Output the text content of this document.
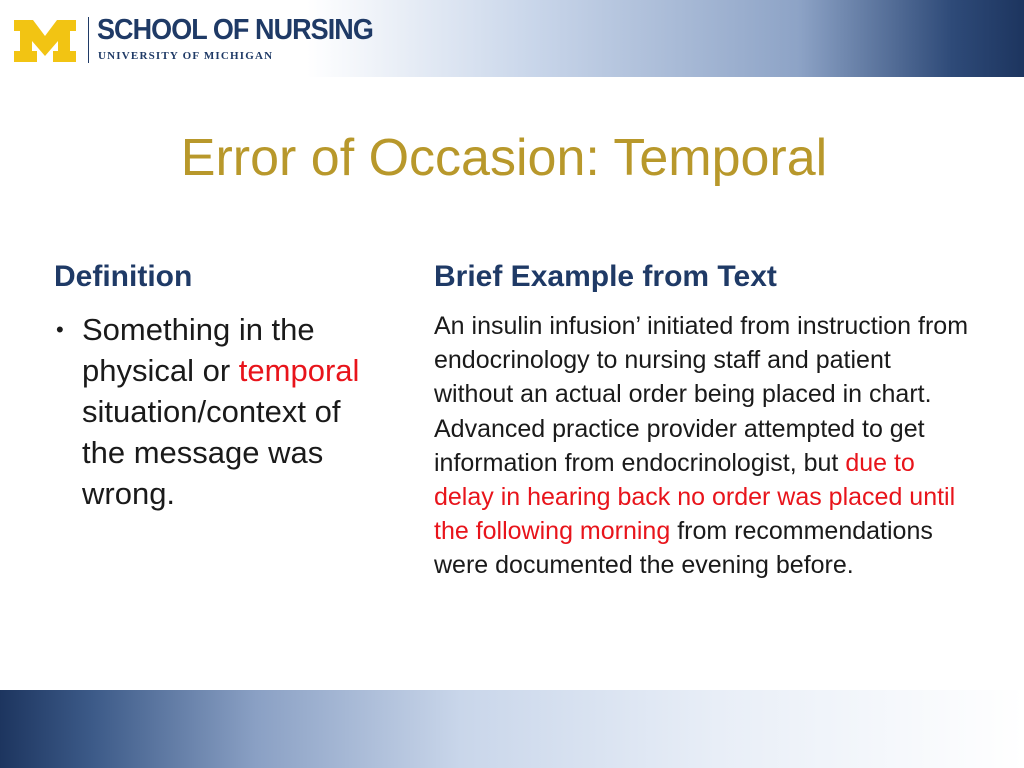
SCHOOL OF NURSING

UNIVERSITY OF MICHIGAN

Error of Occasion: Temporal
Definition
• Something in the physical or temporal situation/context of the message was wrong.
Brief Example from Text

An insulin infusion’ initiated from instruction from endocrinology to nursing staff and patient without an actual order being placed in chart. Advanced practice provider attempted to get information from endocrinologist, but due to delay in hearing back no order was placed until the following morning from recommendations were documented the evening before.
